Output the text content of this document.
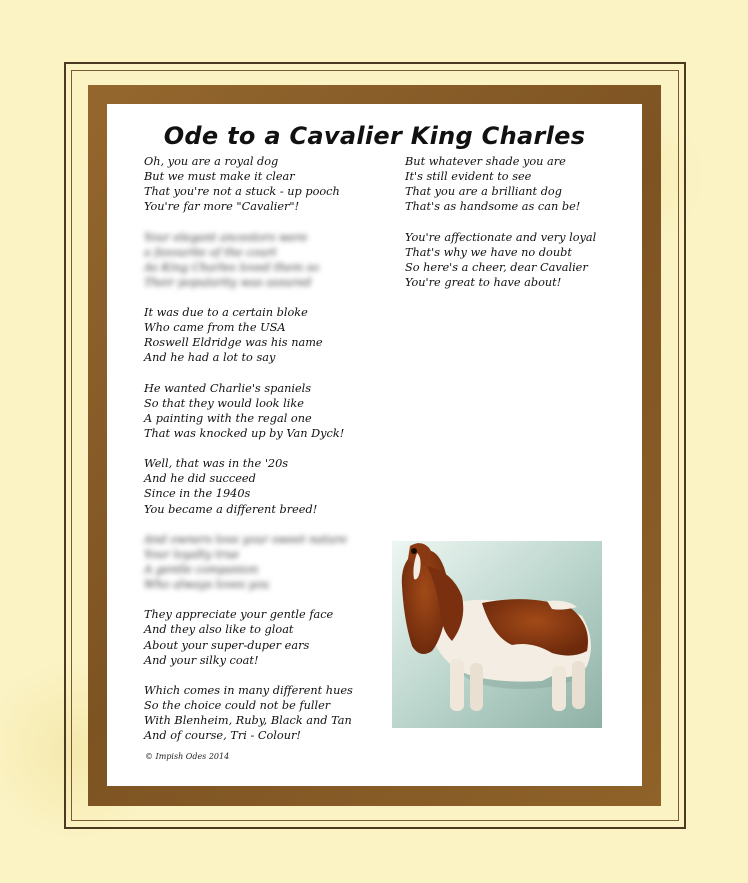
Ode to a Cavalier King Charles
Oh, you are a royal dog
But we must make it clear
That you're not a stuck - up pooch
You're far more "Cavalier"!
Your elegant ancestors were
a favourite of the court
As King Charles loved them so
Their popularity was assured
It was due to a certain bloke
Who came from the USA
Roswell Eldridge was his name
And he had a lot to say
He wanted Charlie's spaniels
So that they would look like
A painting with the regal one
That was knocked up by Van Dyck!
Well, that was in the '20s
And he did succeed
Since in the 1940s
You became a different breed!
And owners love your sweet nature
Your loyalty true
A gentle companion
Who always loves you
They appreciate your gentle face
And they also like to gloat
About your super-duper ears
And your silky coat!
Which comes in many different hues
So the choice could not be fuller
With Blenheim, Ruby, Black and Tan
And of course, Tri - Colour!
But whatever shade you are
It's still evident to see
That you are a brilliant dog
That's as handsome as can be!
You're affectionate and very loyal
That's why we have no doubt
So here's a cheer, dear Cavalier
You're great to have about!
© Impish Odes 2014
